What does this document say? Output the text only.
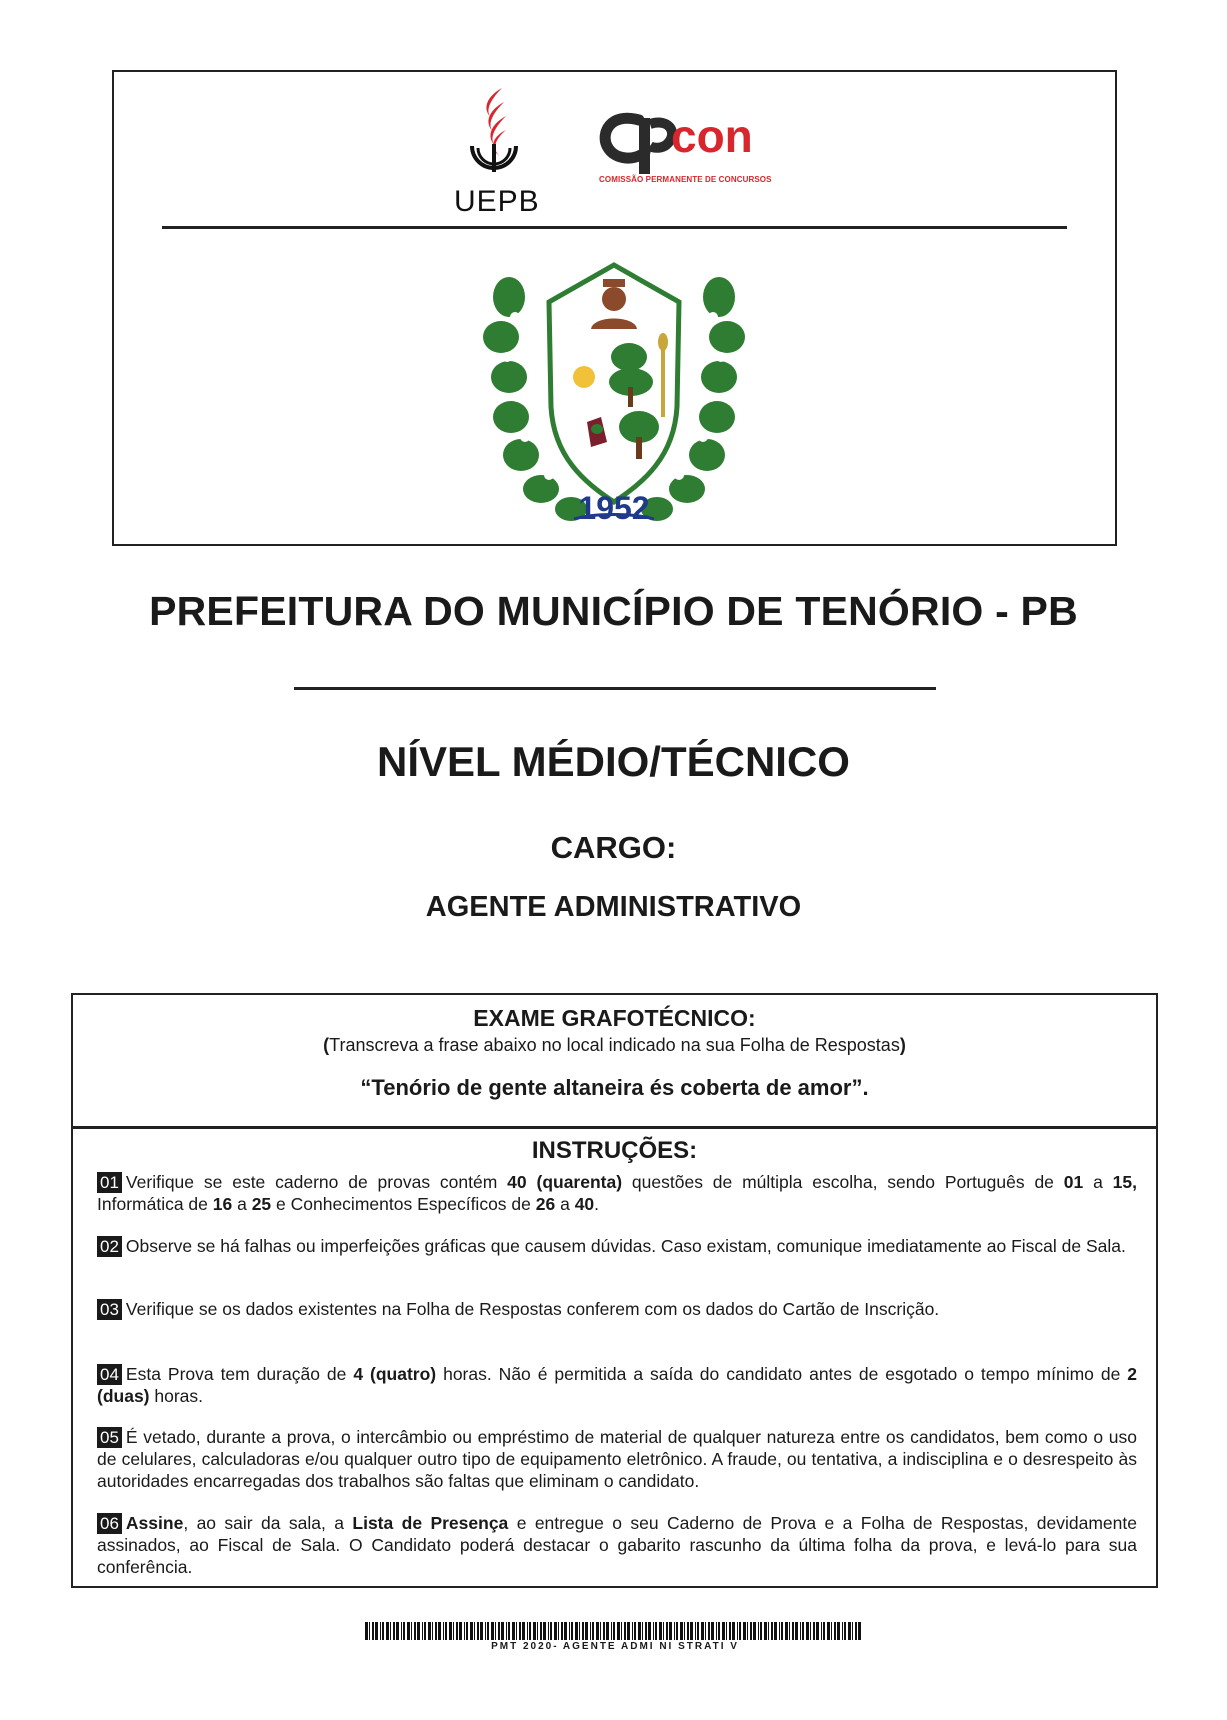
UEPB
con
COMISSÃO PERMANENTE DE CONCURSOS
1952
PREFEITURA DO MUNICÍPIO DE TENÓRIO - PB
NÍVEL MÉDIO/TÉCNICO
CARGO:
AGENTE ADMINISTRATIVO
EXAME GRAFOTÉCNICO:
(Transcreva a frase abaixo no local indicado na sua Folha de Respostas)
“Tenório de gente altaneira és coberta de amor”.
INSTRUÇÕES:
01 Verifique se este caderno de provas contém 40 (quarenta) questões de múltipla escolha, sendo Português de 01 a 15, Informática de 16 a 25 e Conhecimentos Específicos de 26 a 40.
02 Observe se há falhas ou imperfeições gráficas que causem dúvidas. Caso existam, comunique imediatamente ao Fiscal de Sala.
03 Verifique se os dados existentes na Folha de Respostas conferem com os dados do Cartão de Inscrição.
04 Esta Prova tem duração de 4 (quatro) horas. Não é permitida a saída do candidato antes de esgotado o tempo mínimo de 2 (duas) horas.
05 É vetado, durante a prova, o intercâmbio ou empréstimo de material de qualquer natureza entre os candidatos, bem como o uso de celulares, calculadoras e/ou qualquer outro tipo de equipamento eletrônico. A fraude, ou tentativa, a indisciplina e o desrespeito às autoridades encarregadas dos trabalhos são faltas que eliminam o candidato.
06 Assine, ao sair da sala, a Lista de Presença e entregue o seu Caderno de Prova e a Folha de Respostas, devidamente assinados, ao Fiscal de Sala. O Candidato poderá destacar o gabarito rascunho da última folha da prova, e levá-lo para sua conferência.
PMT 2020- AGENTE ADMI NI STRATI V
